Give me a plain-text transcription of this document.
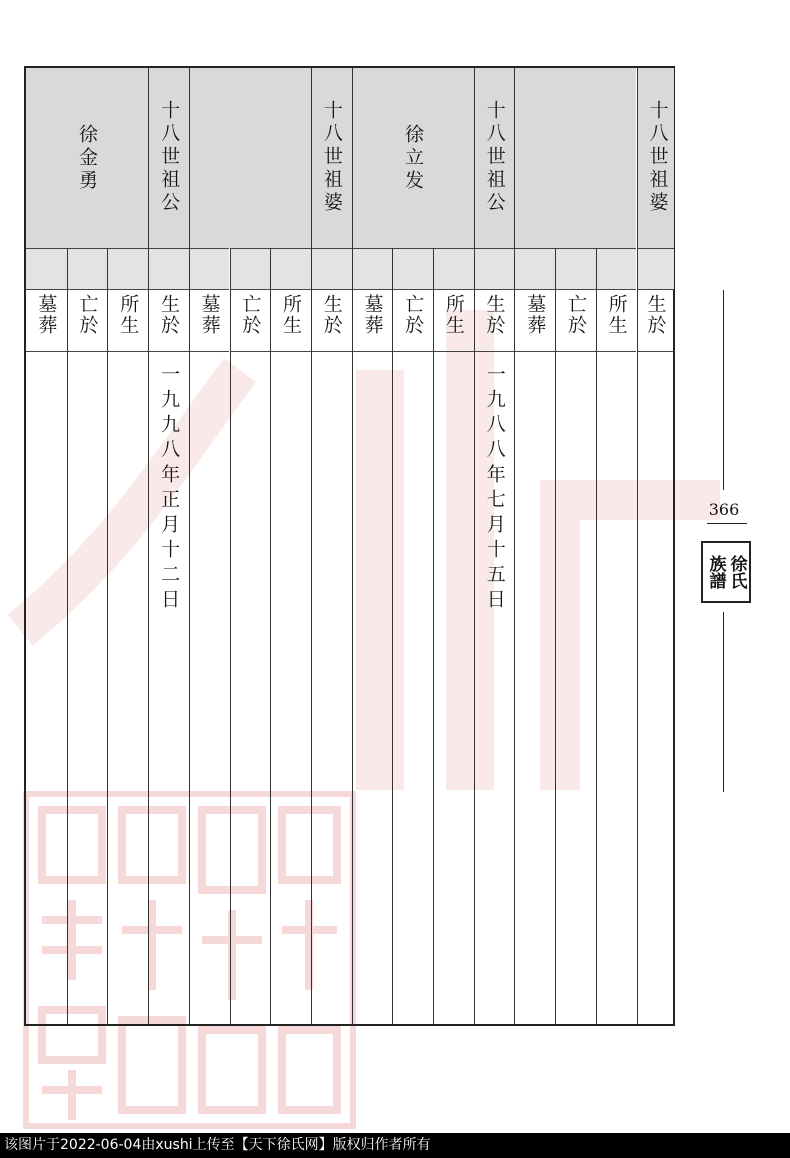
墓葬	亡於 所生
十八世祖公
生於
一九九八年正月十二日
墓葬 亡於 所生
十八世祖婆
生於 墓葬 亡於 所生
十八世祖公
生於
一九八八年七月十五日
墓葬 亡於 所生
十八世祖婆
生於
徐金勇	徐立发
366
徐氏
族譜
该图片于2022-06-04由xushi上传至【天下徐氏网】版权归作者所有
